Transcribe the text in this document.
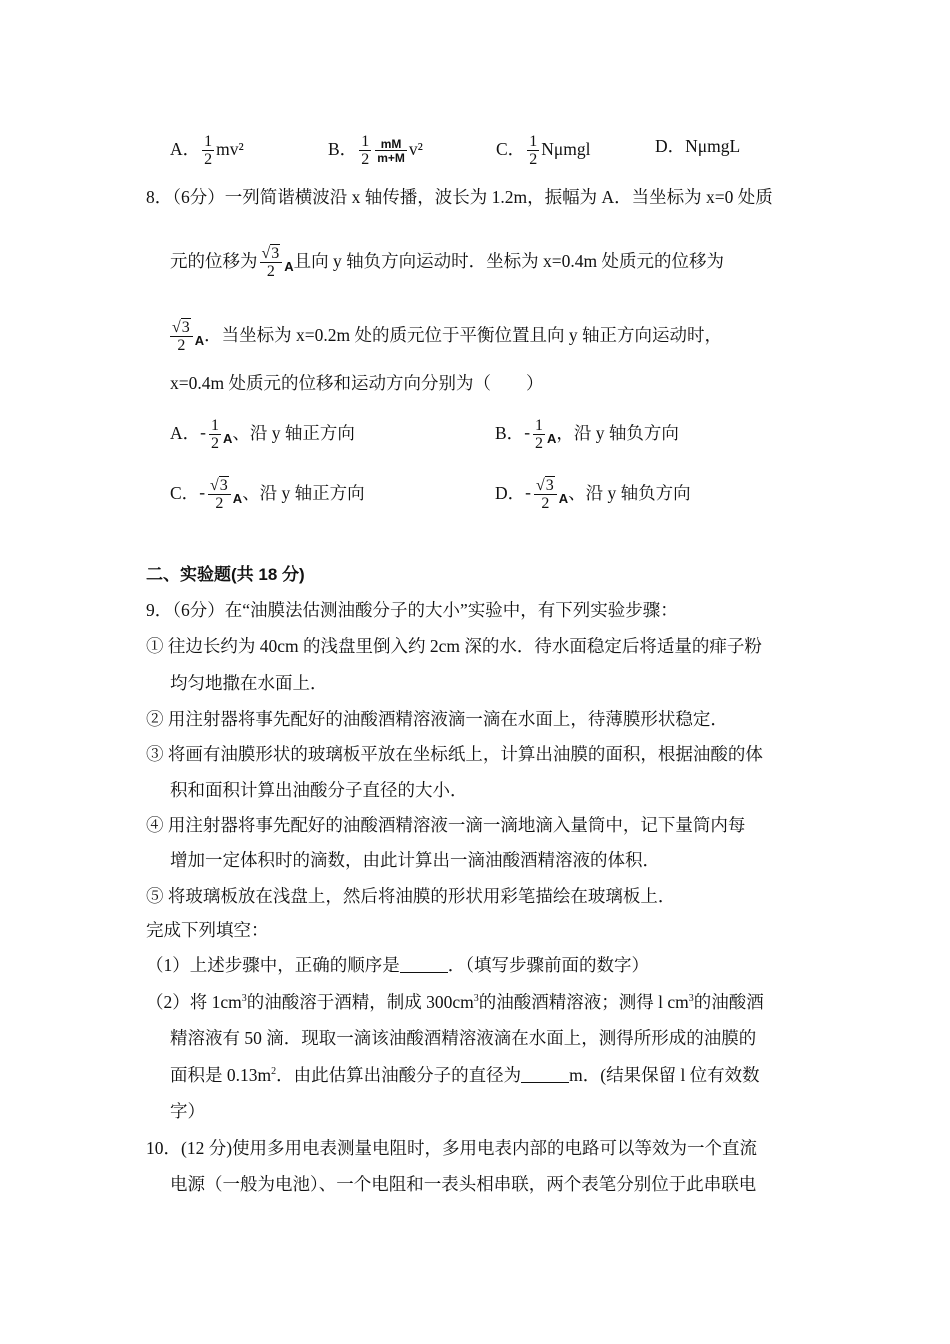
A． $\frac{1}{2} mv^2$	B． $\frac{1}{2} \frac{mM}{m+M} v^2$	C． $\frac{1}{2}$ Nμmgl	D．NμmgL
8．（6分）一列简谐横波沿 x 轴传播，波长为 1.2m，振幅为 A．当坐标为 x=0 处质
元的位移为 $\frac{√3}{2} _A$且向 y 轴负方向运动时．坐标为 x=0.4m 处质元的位移为
$\frac{√3}{2} _A$．当坐标为 x=0.2m 处的质元位于平衡位置且向 y 轴正方向运动时，
x=0.4m 处质元的位移和运动方向分别为（　　）
A．- $\frac{1}{2} _A$、沿 y 轴正方向	B．- $\frac{1}{2} _A$，沿 y 轴负方向
C．- $\frac{√3}{2} _A$、沿 y 轴正方向	D．- $\frac{√3}{2} _A$、沿 y 轴负方向
二、实验题(共 18 分)
9．（6分）在“油膜法估测油酸分子的大小”实验中，有下列实验步骤：
① 往边长约为 40cm 的浅盘里倒入约 2cm 深的水．待水面稳定后将适量的痱子粉
均匀地撒在水面上．
② 用注射器将事先配好的油酸酒精溶液滴一滴在水面上，待薄膜形状稳定．
③ 将画有油膜形状的玻璃板平放在坐标纸上，计算出油膜的面积，根据油酸的体
积和面积计算出油酸分子直径的大小．
④ 用注射器将事先配好的油酸酒精溶液一滴一滴地滴入量筒中，记下量筒内每
增加一定体积时的滴数，由此计算出一滴油酸酒精溶液的体积．
⑤ 将玻璃板放在浅盘上，然后将油膜的形状用彩笔描绘在玻璃板上．
完成下列填空：
（1）上述步骤中，正确的顺序是	．（填写步骤前面的数字）
（2）将 $1cm^3$的油酸溶于酒精，制成 $300cm^3$的油酸酒精溶液；测得 l $cm^3$的油酸酒
精溶液有 50 滴．现取一滴该油酸酒精溶液滴在水面上，测得所形成的油膜的
面积是 $0.13m^2$．由此估算出油酸分子的直径为	m．(结果保留 l 位有效数
字）
10．(12 分)使用多用电表测量电阻时，多用电表内部的电路可以等效为一个直流
电源（一般为电池）、一个电阻和一表头相串联，两个表笔分别位于此串联电
